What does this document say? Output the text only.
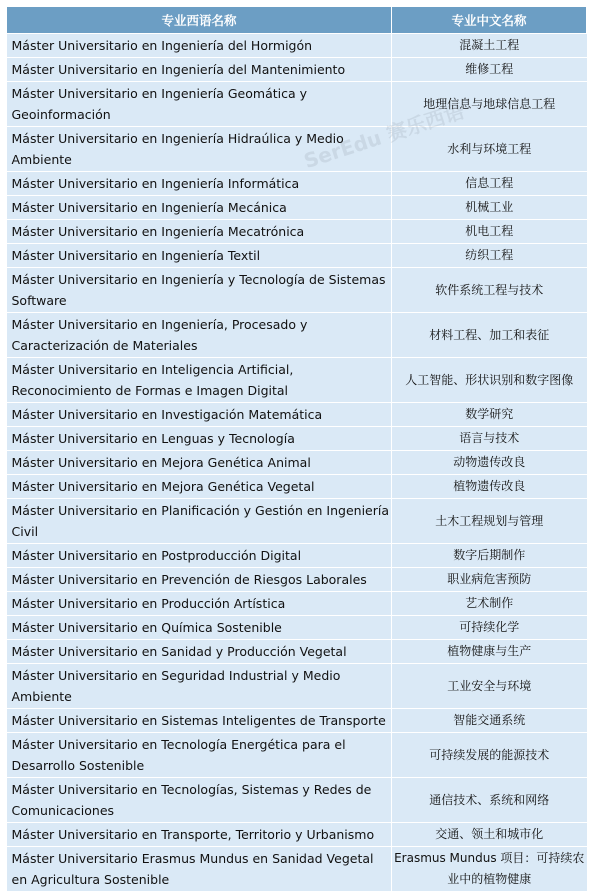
专业西语名称	专业中文名称
Máster Universitario en Ingeniería del Hormigón	混凝土工程
Máster Universitario en Ingeniería del Mantenimiento	维修工程
Máster Universitario en Ingeniería Geomática y Geoinformación	地理信息与地球信息工程
Máster Universitario en Ingeniería Hidraúlica y Medio Ambiente	水利与环境工程
Máster Universitario en Ingeniería Informática	信息工程
Máster Universitario en Ingeniería Mecánica	机械工业
Máster Universitario en Ingeniería Mecatrónica	机电工程
Máster Universitario en Ingeniería Textil	纺织工程
Máster Universitario en Ingeniería y Tecnología de Sistemas Software	软件系统工程与技术
Máster Universitario en Ingeniería, Procesado y Caracterización de Materiales	材料工程、加工和表征
Máster Universitario en Inteligencia Artificial, Reconocimiento de Formas e Imagen Digital	人工智能、形状识别和数字图像
Máster Universitario en Investigación Matemática	数学研究
Máster Universitario en Lenguas y Tecnología	语言与技术
Máster Universitario en Mejora Genética Animal	动物遗传改良
Máster Universitario en Mejora Genética Vegetal	植物遗传改良
Máster Universitario en Planificación y Gestión en Ingeniería Civil	土木工程规划与管理
Máster Universitario en Postproducción Digital	数字后期制作
Máster Universitario en Prevención de Riesgos Laborales	职业病危害预防
Máster Universitario en Producción Artística	艺术制作
Máster Universitario en Química Sostenible	可持续化学
Máster Universitario en Sanidad y Producción Vegetal	植物健康与生产
Máster Universitario en Seguridad Industrial y Medio Ambiente	工业安全与环境
Máster Universitario en Sistemas Inteligentes de Transporte	智能交通系统
Máster Universitario en Tecnología Energética para el Desarrollo Sostenible	可持续发展的能源技术
Máster Universitario en Tecnologías, Sistemas y Redes de Comunicaciones	通信技术、系统和网络
Máster Universitario en Transporte, Territorio y Urbanismo	交通、领土和城市化
Máster Universitario Erasmus Mundus en Sanidad Vegetal en Agricultura Sostenible	Erasmus Mundus 项目：可持续农业中的植物健康
